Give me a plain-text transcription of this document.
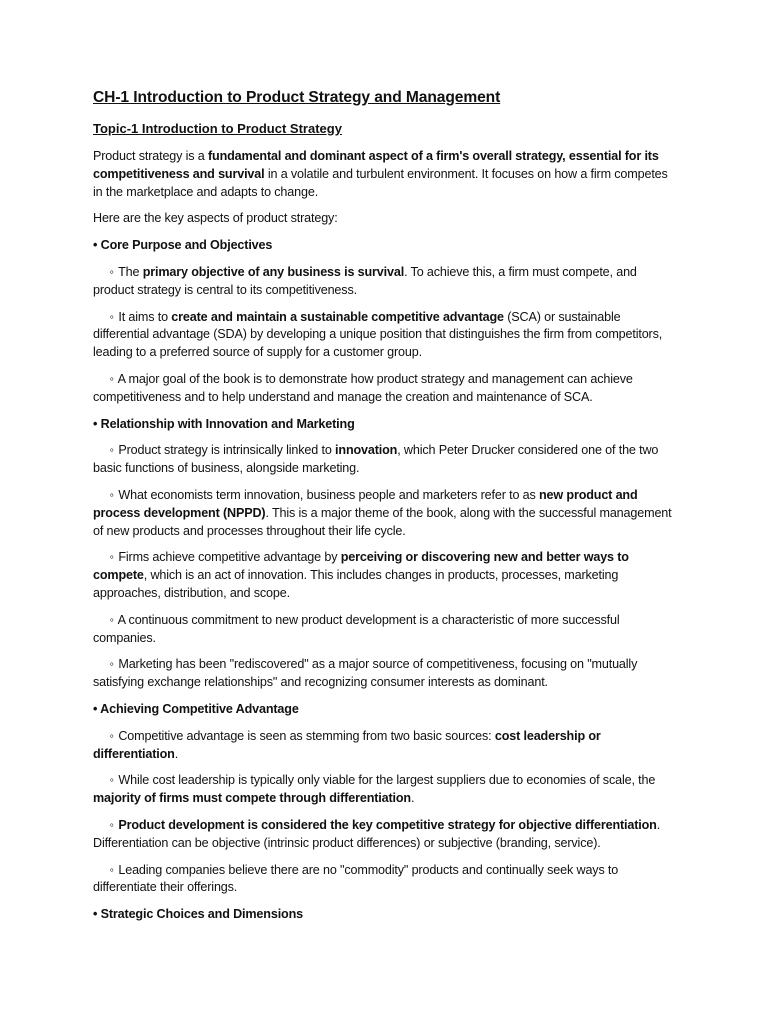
CH-1 Introduction to Product Strategy and Management
Topic-1 Introduction to Product Strategy

Product strategy is a fundamental and dominant aspect of a firm's overall strategy, essential for its competitiveness and survival in a volatile and turbulent environment. It focuses on how a firm competes in the marketplace and adapts to change.

Here are the key aspects of product strategy:

• Core Purpose and Objectives

◦ The primary objective of any business is survival. To achieve this, a firm must compete, and product strategy is central to its competitiveness.

◦ It aims to create and maintain a sustainable competitive advantage (SCA) or sustainable differential advantage (SDA) by developing a unique position that distinguishes the firm from competitors, leading to a preferred source of supply for a customer group.

◦ A major goal of the book is to demonstrate how product strategy and management can achieve competitiveness and to help understand and manage the creation and maintenance of SCA.

• Relationship with Innovation and Marketing

◦ Product strategy is intrinsically linked to innovation, which Peter Drucker considered one of the two basic functions of business, alongside marketing.

◦ What economists term innovation, business people and marketers refer to as new product and process development (NPPD). This is a major theme of the book, along with the successful management of new products and processes throughout their life cycle.

◦ Firms achieve competitive advantage by perceiving or discovering new and better ways to compete, which is an act of innovation. This includes changes in products, processes, marketing approaches, distribution, and scope.

◦ A continuous commitment to new product development is a characteristic of more successful companies.

◦ Marketing has been "rediscovered" as a major source of competitiveness, focusing on "mutually satisfying exchange relationships" and recognizing consumer interests as dominant.

• Achieving Competitive Advantage

◦ Competitive advantage is seen as stemming from two basic sources: cost leadership or differentiation.

◦ While cost leadership is typically only viable for the largest suppliers due to economies of scale, the majority of firms must compete through differentiation.

◦ Product development is considered the key competitive strategy for objective differentiation. Differentiation can be objective (intrinsic product differences) or subjective (branding, service).

◦ Leading companies believe there are no "commodity" products and continually seek ways to differentiate their offerings.

• Strategic Choices and Dimensions
